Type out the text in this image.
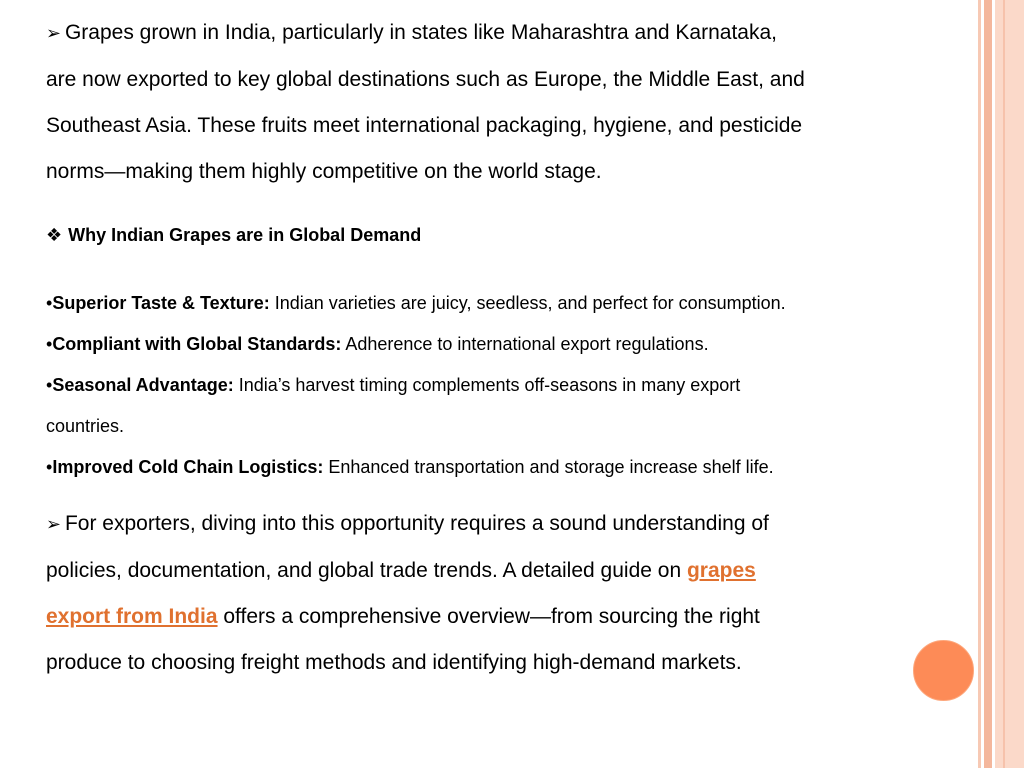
➢ Grapes grown in India, particularly in states like Maharashtra and Karnataka,

are now exported to key global destinations such as Europe, the Middle East, and

Southeast Asia. These fruits meet international packaging, hygiene, and pesticide

norms—making them highly competitive on the world stage.

❖ Why Indian Grapes are in Global Demand
•Superior Taste & Texture: Indian varieties are juicy, seedless, and perfect for consumption.
•Compliant with Global Standards: Adherence to international export regulations.
•Seasonal Advantage: India’s harvest timing complements off-seasons in many export
countries.
•Improved Cold Chain Logistics: Enhanced transportation and storage increase shelf life.

➢ For exporters, diving into this opportunity requires a sound understanding of

policies, documentation, and global trade trends. A detailed guide on grapes

export from India offers a comprehensive overview—from sourcing the right

produce to choosing freight methods and identifying high-demand markets.
